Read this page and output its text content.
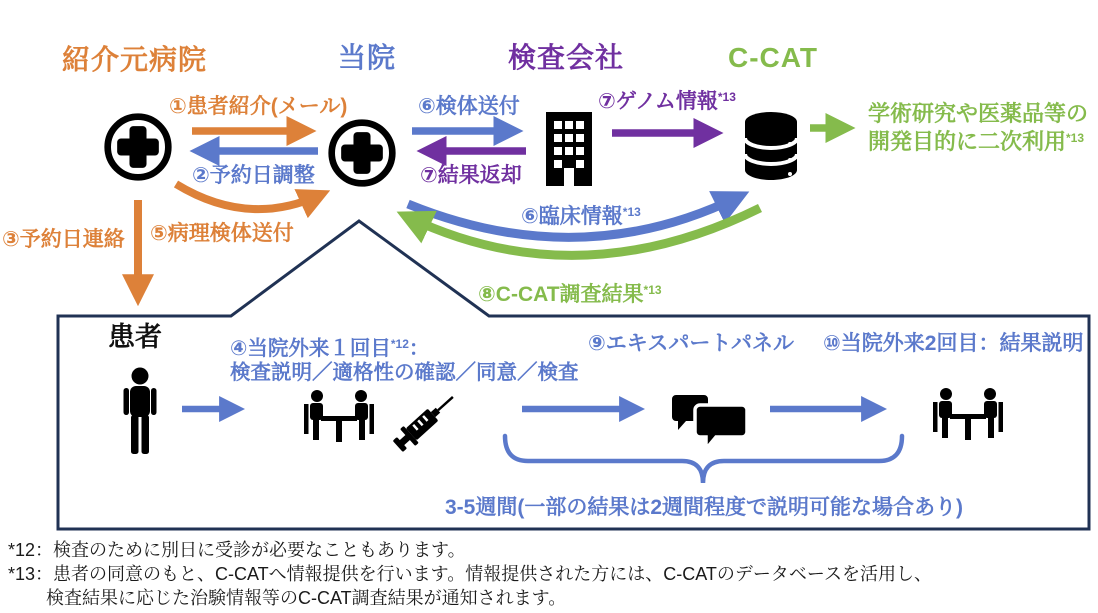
紹介元病院	当院	検査会社	C-CAT
①患者紹介(メール)
②予約日調整
⑥検体送付
⑦結果返却
⑦ゲノム情報$^{*13}$
③予約日連絡 ⑤病理検体送付
⑥臨床情報$^{*13}$
⑧C-CAT調査結果$^{*13}$
学術研究や医薬品等の
開発目的に二次利用$^{*13}$
患者	④当院外来１回目$^{*12}$：
検査説明／適格性の確認／同意／検査
⑨エキスパートパネル ⑩当院外来2回目：結果説明
3-5週間(一部の結果は2週間程度で説明可能な場合あり)
*12：検査のために別日に受診が必要なこともあります。
*13：患者の同意のもと、C-CATへ情報提供を行います。情報提供された方には、C-CATのデータベースを活用し、
検査結果に応じた治験情報等のC-CAT調査結果が通知されます。
